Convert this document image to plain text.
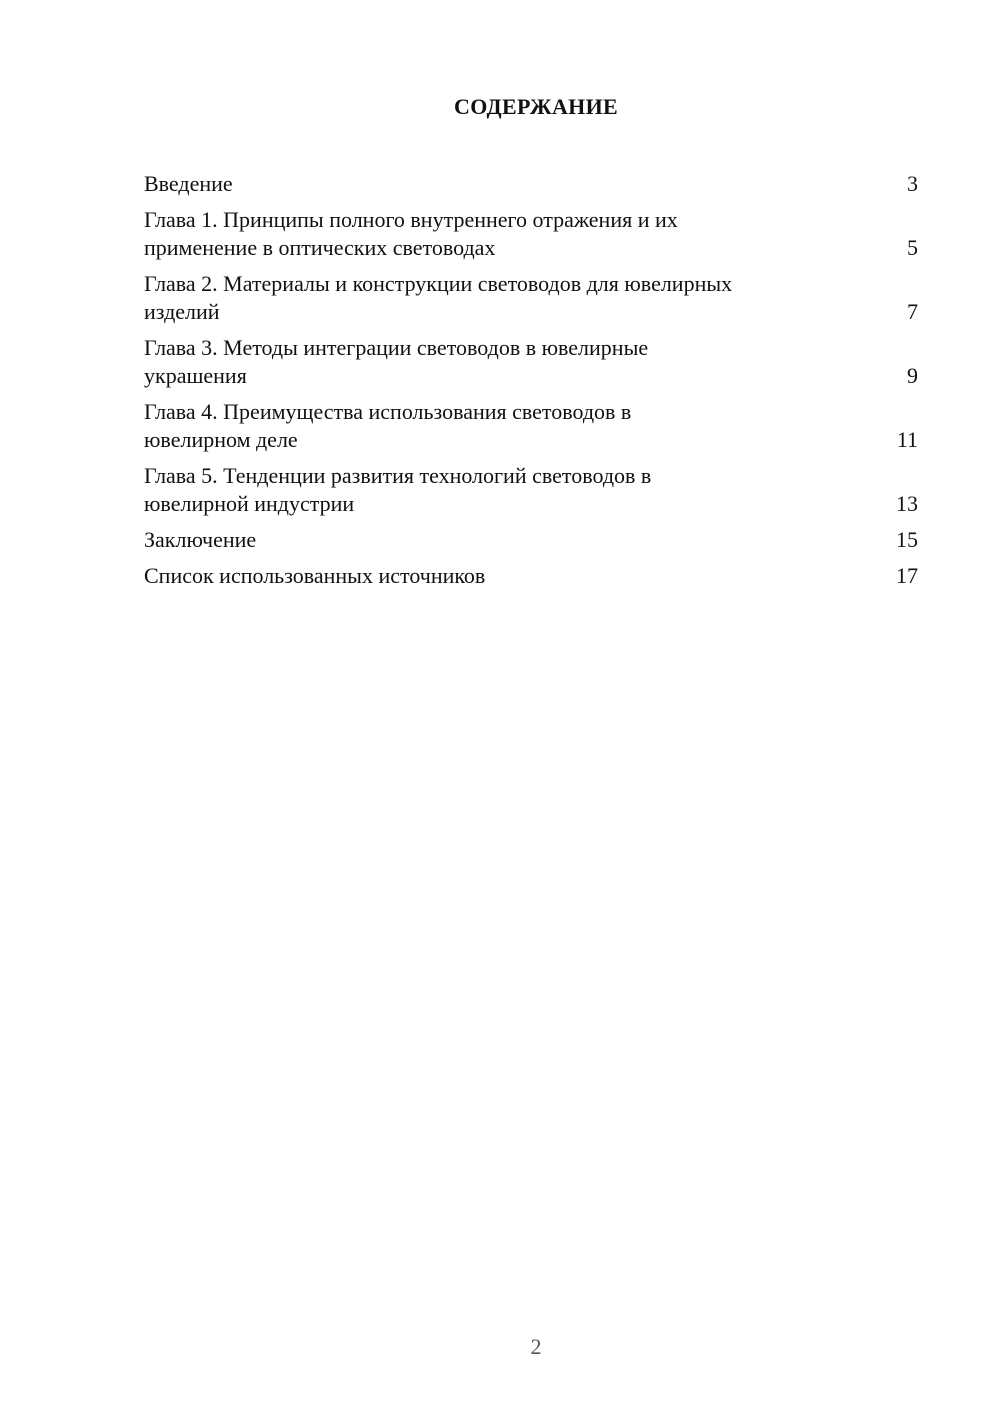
СОДЕРЖАНИЕ
Введение	3
Глава 1. Принципы полного внутреннего отражения и их
применение в оптических световодах	5
Глава 2. Материалы и конструкции световодов для ювелирных
изделий	7
Глава 3. Методы интеграции световодов в ювелирные
украшения	9
Глава 4. Преимущества использования световодов в
ювелирном деле	11
Глава 5. Тенденции развития технологий световодов в
ювелирной индустрии	13
Заключение	15
Список использованных источников	17
2
